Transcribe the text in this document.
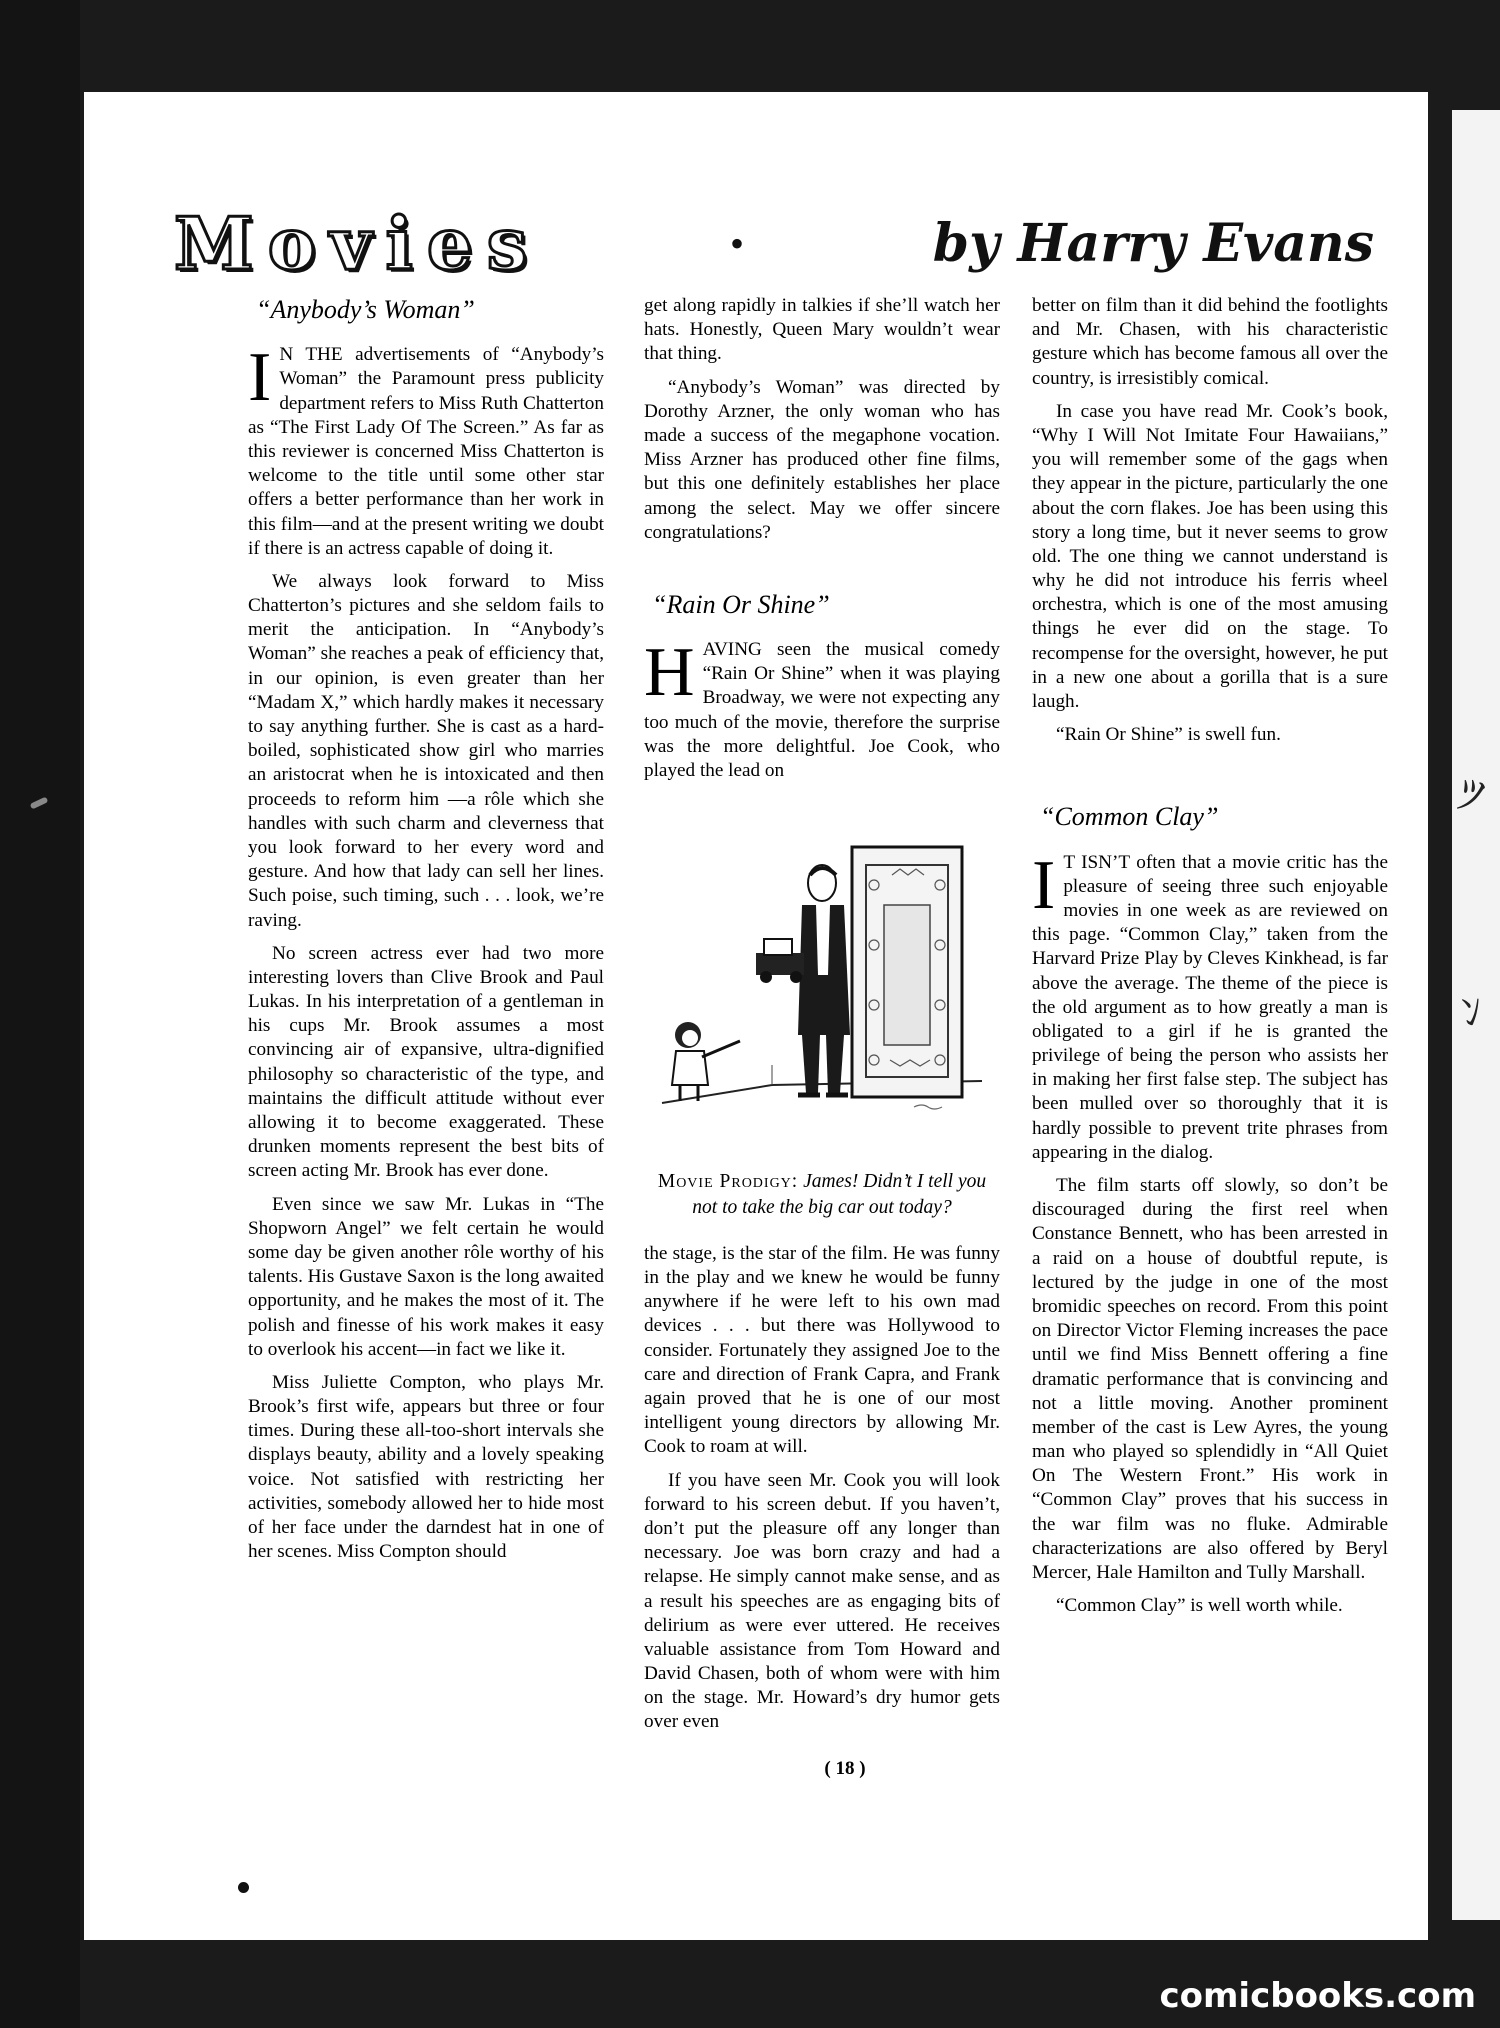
ﾂ
ﾝ
Movies	•	by Harry Evans
“Anybody’s Woman”

I N THE advertisements of “Anybody’s Woman” the Paramount press publicity department refers to Miss Ruth Chatterton as “The First Lady Of The Screen.” As far as this reviewer is concerned Miss Chatterton is welcome to the title until some other star offers a better performance than her work in this film—and at the present writing we doubt if there is an actress capable of doing it.

We always look forward to Miss Chatterton’s pictures and she seldom fails to merit the anticipation. In “Anybody’s Woman” she reaches a peak of efficiency that, in our opinion, is even greater than her “Madam X,” which hardly makes it necessary to say anything further. She is cast as a hard-boiled, sophisticated show girl who marries an aristocrat when he is intoxicated and then proceeds to reform him —a rôle which she handles with such charm and cleverness that you look forward to her every word and gesture. And how that lady can sell her lines. Such poise, such timing, such . . . look, we’re raving.

No screen actress ever had two more interesting lovers than Clive Brook and Paul Lukas. In his interpretation of a gentleman in his cups Mr. Brook assumes a most convincing air of expansive, ultra-dignified philosophy so characteristic of the type, and maintains the difficult attitude without ever allowing it to become exaggerated. These drunken moments represent the best bits of screen acting Mr. Brook has ever done.

Even since we saw Mr. Lukas in “The Shopworn Angel” we felt certain he would some day be given another rôle worthy of his talents. His Gustave Saxon is the long awaited opportunity, and he makes the most of it. The polish and finesse of his work makes it easy to overlook his accent—in fact we like it.

Miss Juliette Compton, who plays Mr. Brook’s first wife, appears but three or four times. During these all-too-short intervals she displays beauty, ability and a lovely speaking voice. Not satisfied with restricting her activities, somebody allowed her to hide most of her face under the darndest hat in one of her scenes. Miss Compton should

get along rapidly in talkies if she’ll watch her hats. Honestly, Queen Mary wouldn’t wear that thing.

“Anybody’s Woman” was directed by Dorothy Arzner, the only woman who has made a success of the megaphone vocation. Miss Arzner has produced other fine films, but this one definitely establishes her place among the select. May we offer sincere congratulations?

“Rain Or Shine”

HAVING seen the musical comedy “Rain Or Shine” when it was playing Broadway, we were not expecting any too much of the movie, therefore the surprise was the more delightful. Joe Cook, who played the lead on

Movie Prodigy: James! Didn’t I tell you not to take the big car out today?

the stage, is the star of the film. He was funny in the play and we knew he would be funny anywhere if he were left to his own mad devices . . . but there was Hollywood to consider. Fortunately they assigned Joe to the care and direction of Frank Capra, and Frank again proved that he is one of our most intelligent young directors by allowing Mr. Cook to roam at will.

If you have seen Mr. Cook you will look forward to his screen debut. If you haven’t, don’t put the pleasure off any longer than necessary. Joe was born crazy and had a relapse. He simply cannot make sense, and as a result his speeches are as engaging bits of delirium as were ever uttered. He receives valuable assistance from Tom Howard and David Chasen, both of whom were with him on the stage. Mr. Howard’s dry humor gets over even

better on film than it did behind the footlights and Mr. Chasen, with his characteristic gesture which has become famous all over the country, is irresistibly comical.

In case you have read Mr. Cook’s book, “Why I Will Not Imitate Four Hawaiians,” you will remember some of the gags when they appear in the picture, particularly the one about the corn flakes. Joe has been using this story a long time, but it never seems to grow old. The one thing we cannot understand is why he did not introduce his ferris wheel orchestra, which is one of the most amusing things he ever did on the stage. To recompense for the oversight, however, he put in a new one about a gorilla that is a sure laugh.

“Rain Or Shine” is swell fun.

“Common Clay”

I T ISN’T often that a movie critic has the pleasure of seeing three such enjoyable movies in one week as are reviewed on this page. “Common Clay,” taken from the Harvard Prize Play by Cleves Kinkhead, is far above the average. The theme of the piece is the old argument as to how greatly a man is obligated to a girl if he is granted the privilege of being the person who assists her in making her first false step. The subject has been mulled over so thoroughly that it is hardly possible to prevent trite phrases from appearing in the dialog.

The film starts off slowly, so don’t be discouraged during the first reel when Constance Bennett, who has been arrested in a raid on a house of doubtful repute, is lectured by the judge in one of the most bromidic speeches on record. From this point on Director Victor Fleming increases the pace until we find Miss Bennett offering a fine dramatic performance that is convincing and not a little moving. Another prominent member of the cast is Lew Ayres, the young man who played so splendidly in “All Quiet On The Western Front.” His work in “Common Clay” proves that his success in the war film was no fluke. Admirable characterizations are also offered by Beryl Mercer, Hale Hamilton and Tully Marshall.

“Common Clay” is well worth while.

( 18 )
comicbooks.com
